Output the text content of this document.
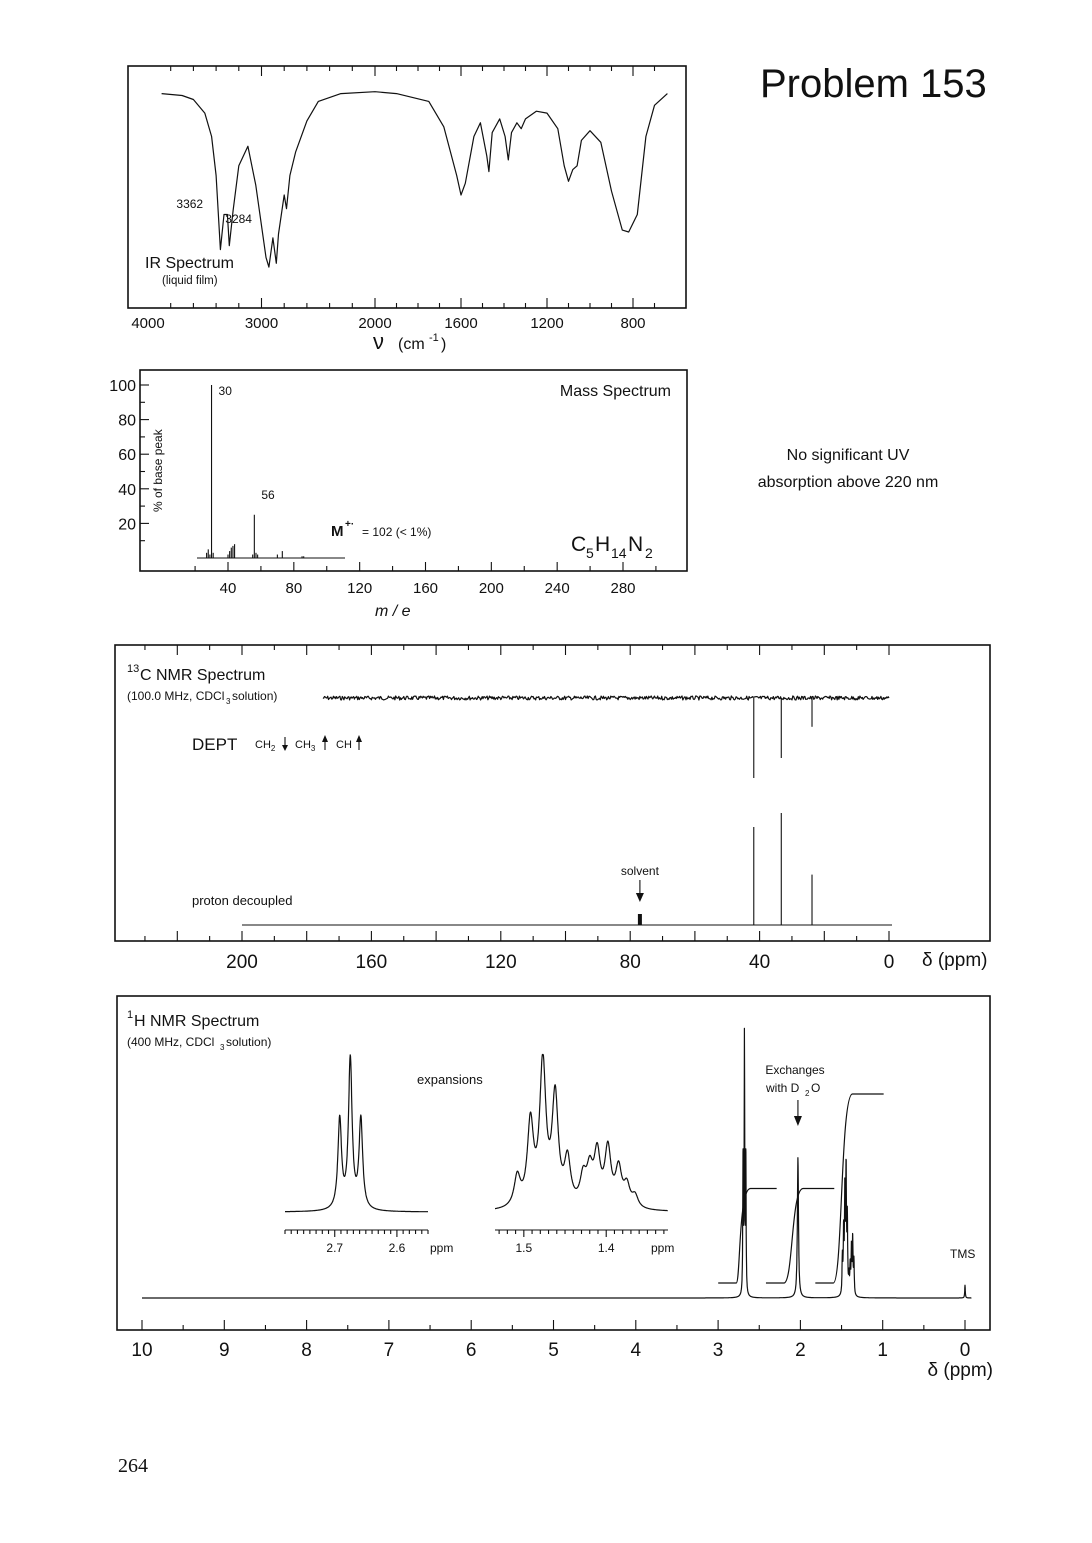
Problem 153
No significant UV
absorption above 220 nm
264
4000	3000	2000	1600	1200	800
3362
3284
IR Spectrum
(liquid film)
ν (cm -1 )
100
80
60
40
20
40	80	120	160	200	240	280
30
56
Mass Spectrum
% of base peak
m / e
M +·
= 102 (< 1%)
C 5 H 14 N 2
solvent
200	160	120	80	40	0 δ (ppm)
13 C NMR Spectrum
(100.0 MHz, CDCl 3 solution)
DEPT $CH_2$ $CH_3$ CH
proton decoupled
10	9	8	7	6	5	4	3	2	1	0
δ (ppm)
1 H NMR Spectrum
(400 MHz, CDCl 3 solution)
expansions
Exchanges
with D 2 O
TMS
2.7	2.6 ppm	1.5	1.4	ppm
